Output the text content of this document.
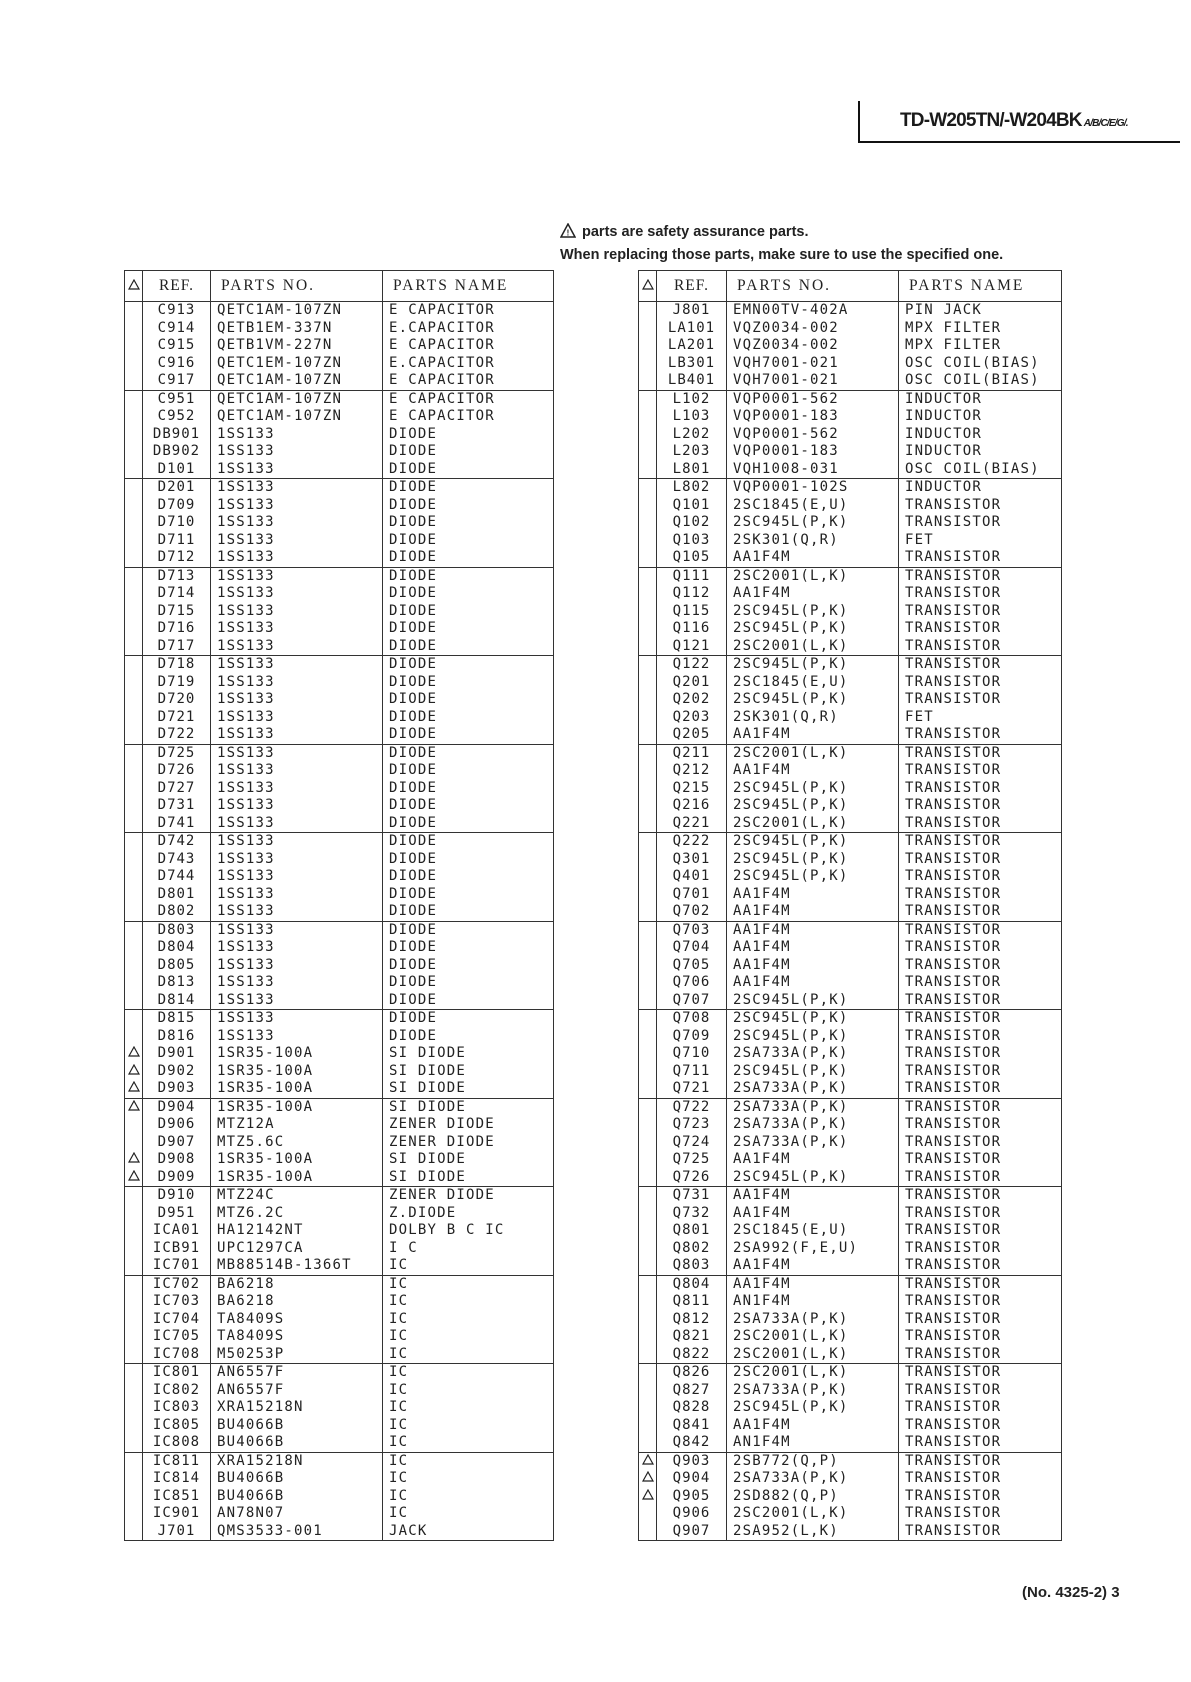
TD-W205TN/-W204BK A/B/C/E/G/.
! parts are safety assurance parts.
When replacing those parts, make sure to use the specified one.
	REF.	PARTS NO.	PARTS NAME
	C913	QETC1AM-107ZN	E CAPACITOR
	C914	QETB1EM-337N	E.CAPACITOR
	C915	QETB1VM-227N	E CAPACITOR
	C916	QETC1EM-107ZN	E.CAPACITOR
	C917	QETC1AM-107ZN	E CAPACITOR
	C951	QETC1AM-107ZN	E CAPACITOR
	C952	QETC1AM-107ZN	E CAPACITOR
	DB901	1SS133	DIODE
	DB902	1SS133	DIODE
	D101	1SS133	DIODE
	D201	1SS133	DIODE
	D709	1SS133	DIODE
	D710	1SS133	DIODE
	D711	1SS133	DIODE
	D712	1SS133	DIODE
	D713	1SS133	DIODE
	D714	1SS133	DIODE
	D715	1SS133	DIODE
	D716	1SS133	DIODE
	D717	1SS133	DIODE
	D718	1SS133	DIODE
	D719	1SS133	DIODE
	D720	1SS133	DIODE
	D721	1SS133	DIODE
	D722	1SS133	DIODE
	D725	1SS133	DIODE
	D726	1SS133	DIODE
	D727	1SS133	DIODE
	D731	1SS133	DIODE
	D741	1SS133	DIODE
	D742	1SS133	DIODE
	D743	1SS133	DIODE
	D744	1SS133	DIODE
	D801	1SS133	DIODE
	D802	1SS133	DIODE
	D803	1SS133	DIODE
	D804	1SS133	DIODE
	D805	1SS133	DIODE
	D813	1SS133	DIODE
	D814	1SS133	DIODE
	D815	1SS133	DIODE
	D816	1SS133	DIODE
	D901	1SR35-100A	SI DIODE
	D902	1SR35-100A	SI DIODE
	D903	1SR35-100A	SI DIODE
	D904	1SR35-100A	SI DIODE
	D906	MTZ12A	ZENER DIODE
	D907	MTZ5.6C	ZENER DIODE
	D908	1SR35-100A	SI DIODE
	D909	1SR35-100A	SI DIODE
	D910	MTZ24C	ZENER DIODE
	D951	MTZ6.2C	Z.DIODE
	ICA01	HA12142NT	DOLBY B C IC
	ICB91	UPC1297CA	I C
	IC701	MB88514B-1366T	IC
	IC702	BA6218	IC
	IC703	BA6218	IC
	IC704	TA8409S	IC
	IC705	TA8409S	IC
	IC708	M50253P	IC
	IC801	AN6557F	IC
	IC802	AN6557F	IC
	IC803	XRA15218N	IC
	IC805	BU4066B	IC
	IC808	BU4066B	IC
	IC811	XRA15218N	IC
	IC814	BU4066B	IC
	IC851	BU4066B	IC
	IC901	AN78N07	IC
	J701	QMS3533-001	JACK
	REF.	PARTS NO.	PARTS NAME
	J801	EMN00TV-402A	PIN JACK
	LA101	VQZ0034-002	MPX FILTER
	LA201	VQZ0034-002	MPX FILTER
	LB301	VQH7001-021	OSC COIL(BIAS)
	LB401	VQH7001-021	OSC COIL(BIAS)
	L102	VQP0001-562	INDUCTOR
	L103	VQP0001-183	INDUCTOR
	L202	VQP0001-562	INDUCTOR
	L203	VQP0001-183	INDUCTOR
	L801	VQH1008-031	OSC COIL(BIAS)
	L802	VQP0001-102S	INDUCTOR
	Q101	2SC1845(E,U)	TRANSISTOR
	Q102	2SC945L(P,K)	TRANSISTOR
	Q103	2SK301(Q,R)	FET
	Q105	AA1F4M	TRANSISTOR
	Q111	2SC2001(L,K)	TRANSISTOR
	Q112	AA1F4M	TRANSISTOR
	Q115	2SC945L(P,K)	TRANSISTOR
	Q116	2SC945L(P,K)	TRANSISTOR
	Q121	2SC2001(L,K)	TRANSISTOR
	Q122	2SC945L(P,K)	TRANSISTOR
	Q201	2SC1845(E,U)	TRANSISTOR
	Q202	2SC945L(P,K)	TRANSISTOR
	Q203	2SK301(Q,R)	FET
	Q205	AA1F4M	TRANSISTOR
	Q211	2SC2001(L,K)	TRANSISTOR
	Q212	AA1F4M	TRANSISTOR
	Q215	2SC945L(P,K)	TRANSISTOR
	Q216	2SC945L(P,K)	TRANSISTOR
	Q221	2SC2001(L,K)	TRANSISTOR
	Q222	2SC945L(P,K)	TRANSISTOR
	Q301	2SC945L(P,K)	TRANSISTOR
	Q401	2SC945L(P,K)	TRANSISTOR
	Q701	AA1F4M	TRANSISTOR
	Q702	AA1F4M	TRANSISTOR
	Q703	AA1F4M	TRANSISTOR
	Q704	AA1F4M	TRANSISTOR
	Q705	AA1F4M	TRANSISTOR
	Q706	AA1F4M	TRANSISTOR
	Q707	2SC945L(P,K)	TRANSISTOR
	Q708	2SC945L(P,K)	TRANSISTOR
	Q709	2SC945L(P,K)	TRANSISTOR
	Q710	2SA733A(P,K)	TRANSISTOR
	Q711	2SC945L(P,K)	TRANSISTOR
	Q721	2SA733A(P,K)	TRANSISTOR
	Q722	2SA733A(P,K)	TRANSISTOR
	Q723	2SA733A(P,K)	TRANSISTOR
	Q724	2SA733A(P,K)	TRANSISTOR
	Q725	AA1F4M	TRANSISTOR
	Q726	2SC945L(P,K)	TRANSISTOR
	Q731	AA1F4M	TRANSISTOR
	Q732	AA1F4M	TRANSISTOR
	Q801	2SC1845(E,U)	TRANSISTOR
	Q802	2SA992(F,E,U)	TRANSISTOR
	Q803	AA1F4M	TRANSISTOR
	Q804	AA1F4M	TRANSISTOR
	Q811	AN1F4M	TRANSISTOR
	Q812	2SA733A(P,K)	TRANSISTOR
	Q821	2SC2001(L,K)	TRANSISTOR
	Q822	2SC2001(L,K)	TRANSISTOR
	Q826	2SC2001(L,K)	TRANSISTOR
	Q827	2SA733A(P,K)	TRANSISTOR
	Q828	2SC945L(P,K)	TRANSISTOR
	Q841	AA1F4M	TRANSISTOR
	Q842	AN1F4M	TRANSISTOR
	Q903	2SB772(Q,P)	TRANSISTOR
	Q904	2SA733A(P,K)	TRANSISTOR
	Q905	2SD882(Q,P)	TRANSISTOR
	Q906	2SC2001(L,K)	TRANSISTOR
	Q907	2SA952(L,K)	TRANSISTOR
(No. 4325-2) 3
